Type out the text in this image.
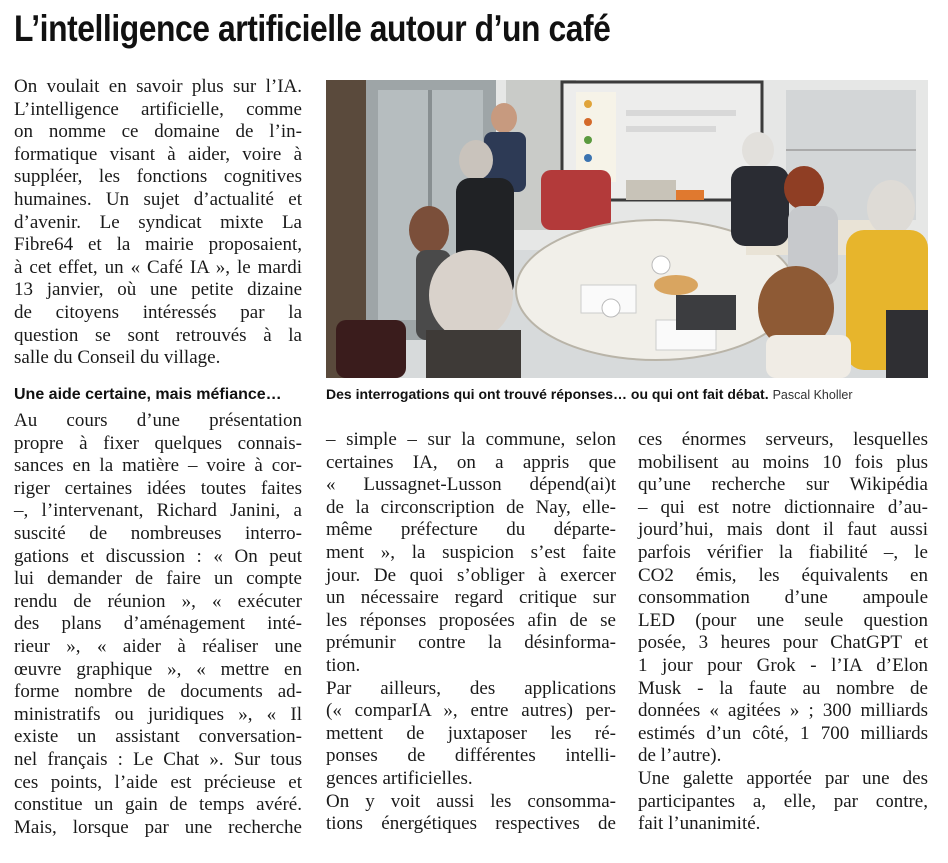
L’intelligence artificielle autour d’un café
On voulait en savoir plus sur l’IA.
L’intelligence artificielle, comme
on nomme ce domaine de l’in-
formatique visant à aider, voire à
suppléer, les fonctions cognitives
humaines. Un sujet d’actualité et
d’avenir. Le syndicat mixte La
Fibre64 et la mairie proposaient,
à cet effet, un « Café IA », le mardi
13 janvier, où une petite dizaine
de citoyens intéressés par la
question se sont retrouvés à la
salle du Conseil du village.
Des interrogations qui ont trouvé réponses… ou qui ont fait débat. Pascal Kholler
Une aide certaine, mais méfiance…
Au cours d’une présentation
propre à fixer quelques connais-
sances en la matière – voire à cor-
riger certaines idées toutes faites
–, l’intervenant, Richard Janini, a
suscité de nombreuses interro-
gations et discussion : « On peut
lui demander de faire un compte
rendu de réunion », « exécuter
des plans d’aménagement inté-
rieur », « aider à réaliser une
œuvre graphique », « mettre en
forme nombre de documents ad-
ministratifs ou juridiques », « Il
existe un assistant conversation-
nel français : Le Chat ». Sur tous
ces points, l’aide est précieuse et
constitue un gain de temps avéré.
Mais, lorsque par une recherche
– simple – sur la commune, selon
certaines IA, on a appris que
« Lussagnet-Lusson dépend(ai)t
de la circonscription de Nay, elle-
même préfecture du départe-
ment », la suspicion s’est faite
jour. De quoi s’obliger à exercer
un nécessaire regard critique sur
les réponses proposées afin de se
prémunir contre la désinforma-
tion.
Par ailleurs, des applications
(« comparIA », entre autres) per-
mettent de juxtaposer les ré-
ponses de différentes intelli-
gences artificielles.
On y voit aussi les consomma-
tions énergétiques respectives de
ces énormes serveurs, lesquelles
mobilisent au moins 10 fois plus
qu’une recherche sur Wikipédia
– qui est notre dictionnaire d’au-
jourd’hui, mais dont il faut aussi
parfois vérifier la fiabilité –, le
CO2 émis, les équivalents en
consommation d’une ampoule
LED (pour une seule question
posée, 3 heures pour ChatGPT et
1 jour pour Grok - l’IA d’Elon
Musk - la faute au nombre de
données « agitées » ; 300 milliards
estimés d’un côté, 1 700 milliards
de l’autre).
Une galette apportée par une des
participantes a, elle, par contre,
fait l’unanimité.
